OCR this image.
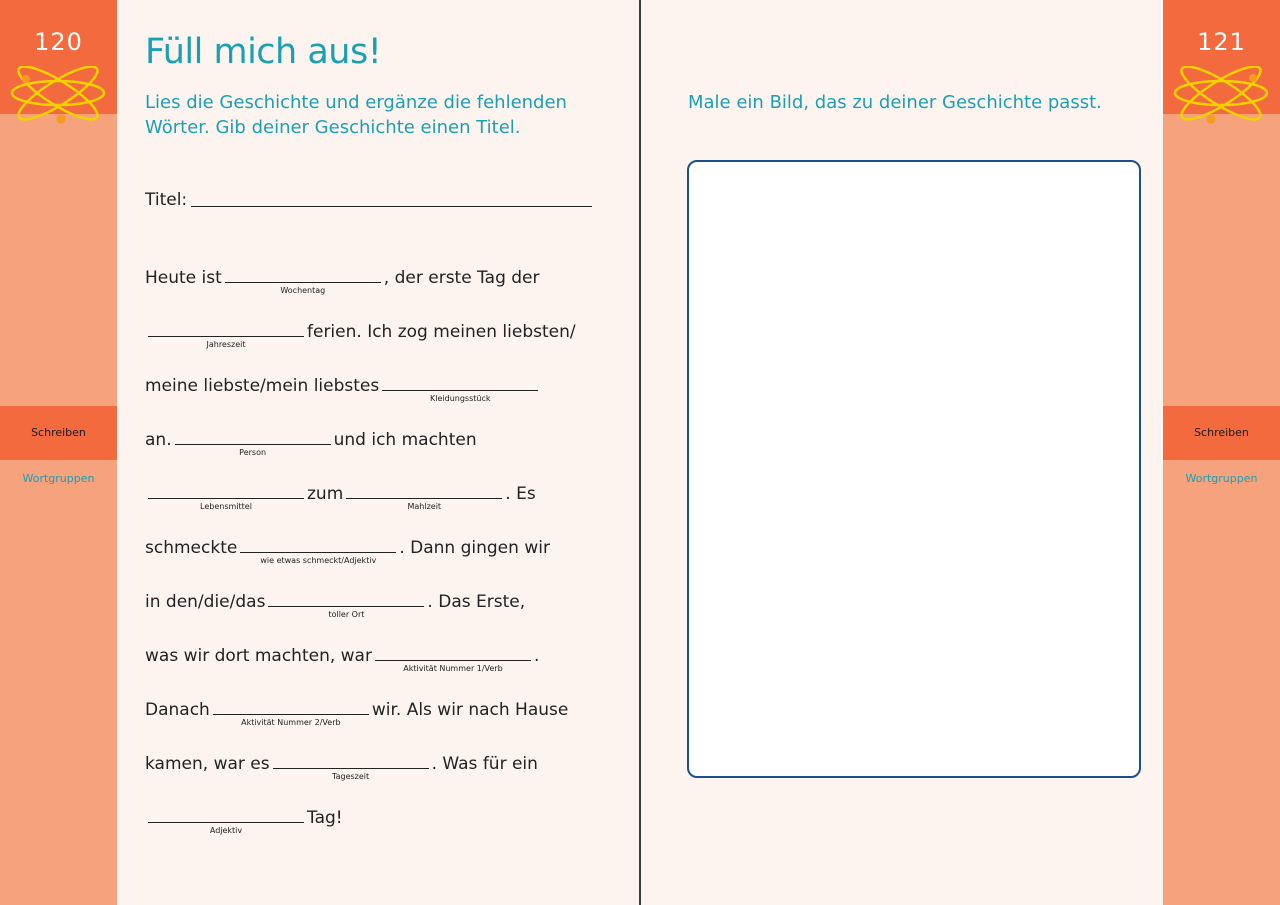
120
Schreiben
Wortgruppen
Füll mich aus!
Lies die Geschichte und ergänze die fehlenden
Wörter. Gib deiner Geschichte einen Titel.
Titel:
Heute ist
Wochentag
, der erste Tag der
Jahreszeit
ferien. Ich zog meinen liebsten/
meine liebste/mein liebstes
Kleidungsstück
an.
Person
und ich machten
Lebensmittel
zum
Mahlzeit
. Es
schmeckte
wie etwas schmeckt/Adjektiv
. Dann gingen wir
in den/die/das
toller Ort
. Das Erste,
was wir dort machten, war
Aktivität Nummer 1/Verb
.
Danach
Aktivität Nummer 2/Verb
wir. Als wir nach Hause
kamen, war es
Tageszeit
. Was für ein
Adjektiv
Tag!
Male ein Bild, das zu deiner Geschichte passt.
121
Schreiben
Wortgruppen
